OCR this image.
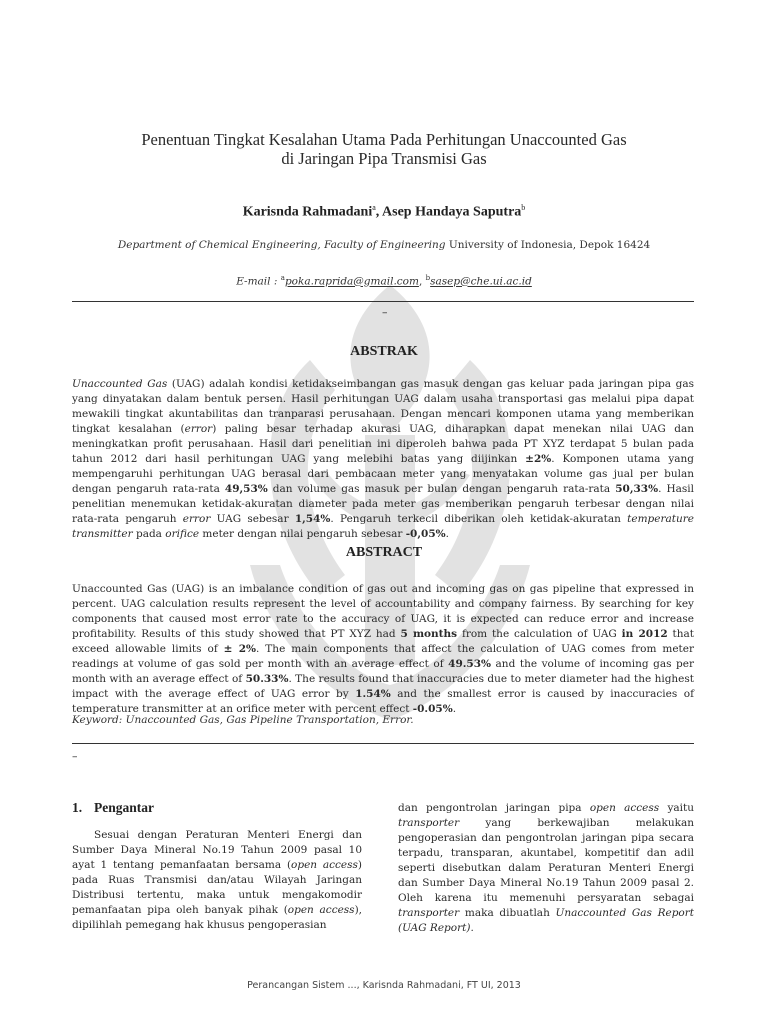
Penentuan Tingkat Kesalahan Utama Pada Perhitungan Unaccounted Gas
di Jaringan Pipa Transmisi Gas
Karisnda Rahmadani$^a$, Asep Handaya Saputra$^b$
Department of Chemical Engineering, Faculty of Engineering University of Indonesia, Depok 16424
E-mail : $^a$poka.raprida@gmail.com, $^b$sasep@che.ui.ac.id
–
ABSTRAK
Unaccounted Gas (UAG) adalah kondisi ketidakseimbangan gas masuk dengan gas keluar pada jaringan pipa gas yang dinyatakan dalam bentuk persen. Hasil perhitungan UAG dalam usaha transportasi gas melalui pipa dapat mewakili tingkat akuntabilitas dan tranparasi perusahaan. Dengan mencari komponen utama yang memberikan tingkat kesalahan (error) paling besar terhadap akurasi UAG, diharapkan dapat menekan nilai UAG dan meningkatkan profit perusahaan. Hasil dari penelitian ini diperoleh bahwa pada PT XYZ terdapat 5 bulan pada tahun 2012 dari hasil perhitungan UAG yang melebihi batas yang diijinkan ±2%. Komponen utama yang mempengaruhi perhitungan UAG berasal dari pembacaan meter yang menyatakan volume gas jual per bulan dengan pengaruh rata-rata 49,53% dan volume gas masuk per bulan dengan pengaruh rata-rata 50,33%. Hasil penelitian menemukan ketidak-akuratan diameter pada meter gas memberikan pengaruh terbesar dengan nilai rata-rata pengaruh error UAG sebesar 1,54%. Pengaruh terkecil diberikan oleh ketidak-akuratan temperature transmitter pada orifice meter dengan nilai pengaruh sebesar -0,05%.
ABSTRACT
Unaccounted Gas (UAG) is an imbalance condition of gas out and incoming gas on gas pipeline that expressed in percent. UAG calculation results represent the level of accountability and company fairness. By searching for key components that caused most error rate to the accuracy of UAG, it is expected can reduce error and increase profitability. Results of this study showed that PT XYZ had 5 months from the calculation of UAG in 2012 that exceed allowable limits of ± 2%. The main components that affect the calculation of UAG comes from meter readings at volume of gas sold per month with an average effect of 49.53% and the volume of incoming gas per month with an average effect of 50.33%. The results found that inaccuracies due to meter diameter had the highest impact with the average effect of UAG error by 1.54% and the smallest error is caused by inaccuracies of temperature transmitter at an orifice meter with percent effect -0.05%.
Keyword: Unaccounted Gas, Gas Pipeline Transportation, Error.
–
1. Pengantar
Sesuai dengan Peraturan Menteri Energi dan Sumber Daya Mineral No.19 Tahun 2009 pasal 10 ayat 1 tentang pemanfaatan bersama (open access) pada Ruas Transmisi dan/atau Wilayah Jaringan Distribusi tertentu, maka untuk mengakomodir pemanfaatan pipa oleh banyak pihak (open access), dipilihlah pemegang hak khusus pengoperasian
dan pengontrolan jaringan pipa open access yaitu transporter yang berkewajiban melakukan pengoperasian dan pengontrolan jaringan pipa secara terpadu, transparan, akuntabel, kompetitif dan adil seperti disebutkan dalam Peraturan Menteri Energi dan Sumber Daya Mineral No.19 Tahun 2009 pasal 2. Oleh karena itu memenuhi persyaratan sebagai transporter maka dibuatlah Unaccounted Gas Report (UAG Report).
Perancangan Sistem ..., Karisnda Rahmadani, FT UI, 2013
